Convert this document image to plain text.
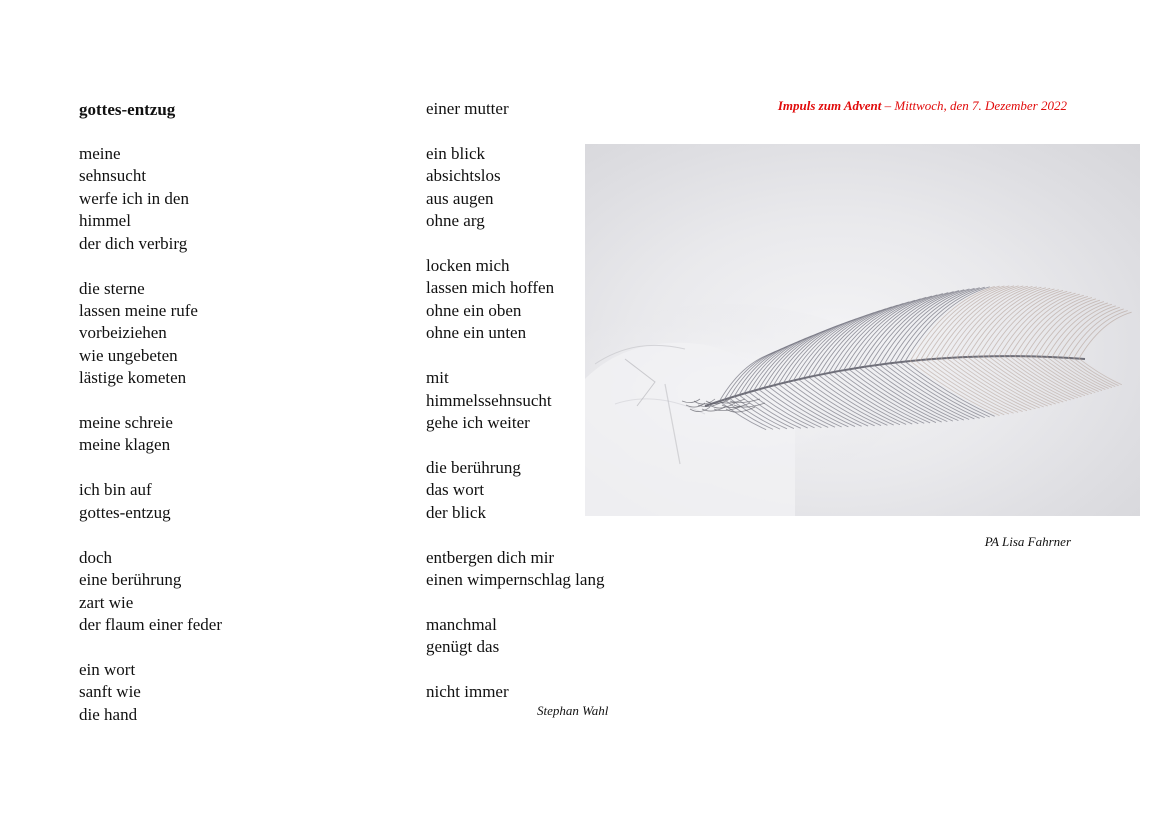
gottes-entzug
meine
sehnsucht
werfe ich in den
himmel
der dich verbirg
die sterne
lassen meine rufe
vorbeiziehen
wie ungebeten
lästige kometen
meine schreie
meine klagen
ich bin auf
gottes-entzug
doch
eine berührung
zart wie
der flaum einer feder
ein wort
sanft wie
die hand
einer mutter
ein blick
absichtslos
aus augen
ohne arg
locken mich
lassen mich hoffen
ohne ein oben
ohne ein unten
mit
himmelssehnsucht
gehe ich weiter
die berührung
das wort
der blick
entbergen dich mir
einen wimpernschlag lang
manchmal
genügt das
nicht immer
Stephan Wahl
Impuls zum Advent – Mittwoch, den 7. Dezember 2022
PA Lisa Fahrner
